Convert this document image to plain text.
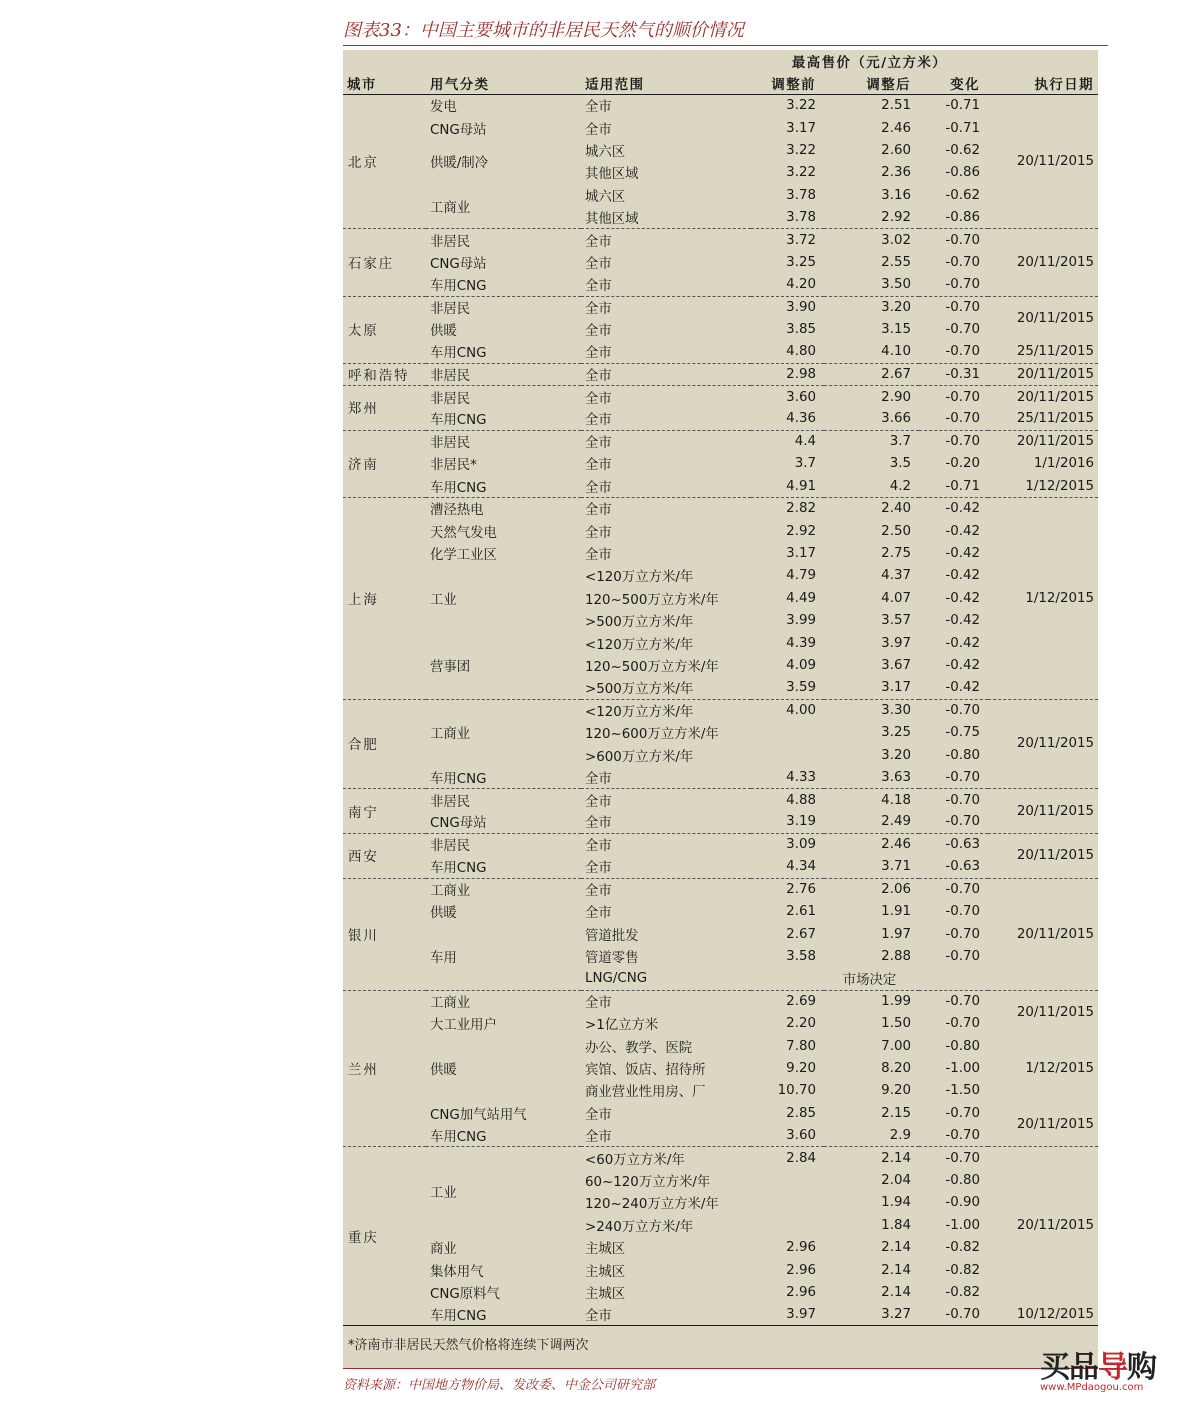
图表33：中国主要城市的非居民天然气的顺价情况
			最高售价（元/立方米）			
城市	用气分类	适用范围	调整前	调整后	变化	执行日期
北京	发电	全市	3.22	2.51	-0.71	20/11/2015
	CNG母站	全市	3.17	2.46	-0.71	
	供暖/制冷	城六区	3.22	2.60	-0.62	
		其他区域	3.22	2.36	-0.86	
	工商业	城六区	3.78	3.16	-0.62	
		其他区域	3.78	2.92	-0.86	
石家庄	非居民	全市	3.72	3.02	-0.70	20/11/2015
	CNG母站	全市	3.25	2.55	-0.70	
	车用CNG	全市	4.20	3.50	-0.70	
太原	非居民	全市	3.90	3.20	-0.70	20/11/2015
	供暖	全市	3.85	3.15	-0.70	
	车用CNG	全市	4.80	4.10	-0.70	25/11/2015
呼和浩特	非居民	全市	2.98	2.67	-0.31	20/11/2015
郑州	非居民	全市	3.60	2.90	-0.70	20/11/2015
	车用CNG	全市	4.36	3.66	-0.70	25/11/2015
济南	非居民	全市	4.4	3.7	-0.70	20/11/2015
	非居民*	全市	3.7	3.5	-0.20	1/1/2016
	车用CNG	全市	4.91	4.2	-0.71	1/12/2015
上海	漕泾热电	全市	2.82	2.40	-0.42	1/12/2015
	天然气发电	全市	2.92	2.50	-0.42	
	化学工业区	全市	3.17	2.75	-0.42	
	工业	<120万立方米/年	4.79	4.37	-0.42	
		120~500万立方米/年	4.49	4.07	-0.42	
		>500万立方米/年	3.99	3.57	-0.42	
	营事团	<120万立方米/年	4.39	3.97	-0.42	
		120~500万立方米/年	4.09	3.67	-0.42	
		>500万立方米/年	3.59	3.17	-0.42	
合肥	工商业	<120万立方米/年	4.00	3.30	-0.70	20/11/2015
		120~600万立方米/年		3.25	-0.75	
		>600万立方米/年		3.20	-0.80	
	车用CNG	全市	4.33	3.63	-0.70	
南宁	非居民	全市	4.88	4.18	-0.70	20/11/2015
	CNG母站	全市	3.19	2.49	-0.70	
西安	非居民	全市	3.09	2.46	-0.63	20/11/2015
	车用CNG	全市	4.34	3.71	-0.63	
银川	工商业	全市	2.76	2.06	-0.70	20/11/2015
	供暖	全市	2.61	1.91	-0.70	
	车用	管道批发	2.67	1.97	-0.70	
		管道零售	3.58	2.88	-0.70	
		LNG/CNG	市场决定			
兰州	工商业	全市	2.69	1.99	-0.70	20/11/2015
	大工业用户	>1亿立方米	2.20	1.50	-0.70	
	供暖	办公、教学、医院	7.80	7.00	-0.80	1/12/2015
		宾馆、饭店、招待所	9.20	8.20	-1.00	
		商业营业性用房、厂	10.70	9.20	-1.50	
	CNG加气站用气	全市	2.85	2.15	-0.70	20/11/2015
	车用CNG	全市	3.60	2.9	-0.70	
重庆	工业	<60万立方米/年	2.84	2.14	-0.70	20/11/2015
		60~120万立方米/年		2.04	-0.80	
		120~240万立方米/年		1.94	-0.90	
		>240万立方米/年		1.84	-1.00	
	商业	主城区	2.96	2.14	-0.82	
	集体用气	主城区	2.96	2.14	-0.82	
	CNG原料气	主城区	2.96	2.14	-0.82	
	车用CNG	全市	3.97	3.27	-0.70	10/12/2015
*济南市非居民天然气价格将连续下调两次						
资料来源：中国地方物价局、发改委、中金公司研究部
买品导购
www.MPdaogou.com
